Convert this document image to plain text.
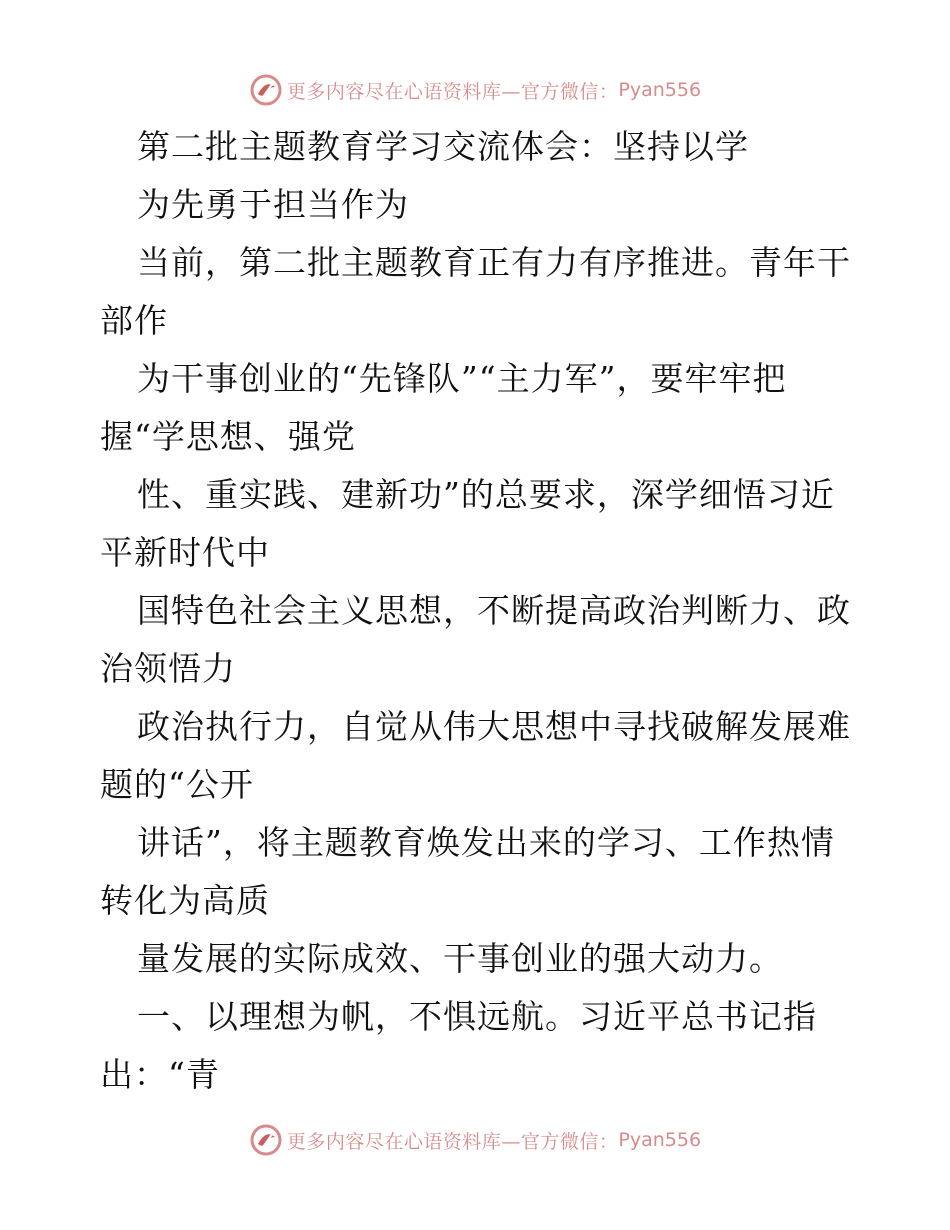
更多内容尽在心语资料库—官方微信： Pyan556
第二批主题教育学习交流体会：坚持以学
为先勇于担当作为
当前，第二批主题教育正有力有序推进。青年干
部作
为干事创业的“先锋队”“主力军”，要牢牢把
握“学思想、强党
性、重实践、建新功”的总要求，深学细悟习近
平新时代中
国特色社会主义思想，不断提高政治判断力、政
治领悟力
政治执行力，自觉从伟大思想中寻找破解发展难
题的“公开
讲话”，将主题教育焕发出来的学习、工作热情
转化为高质
量发展的实际成效、干事创业的强大动力。
一、以理想为帆，不惧远航。习近平总书记指
出：“青
更多内容尽在心语资料库—官方微信： Pyan556
